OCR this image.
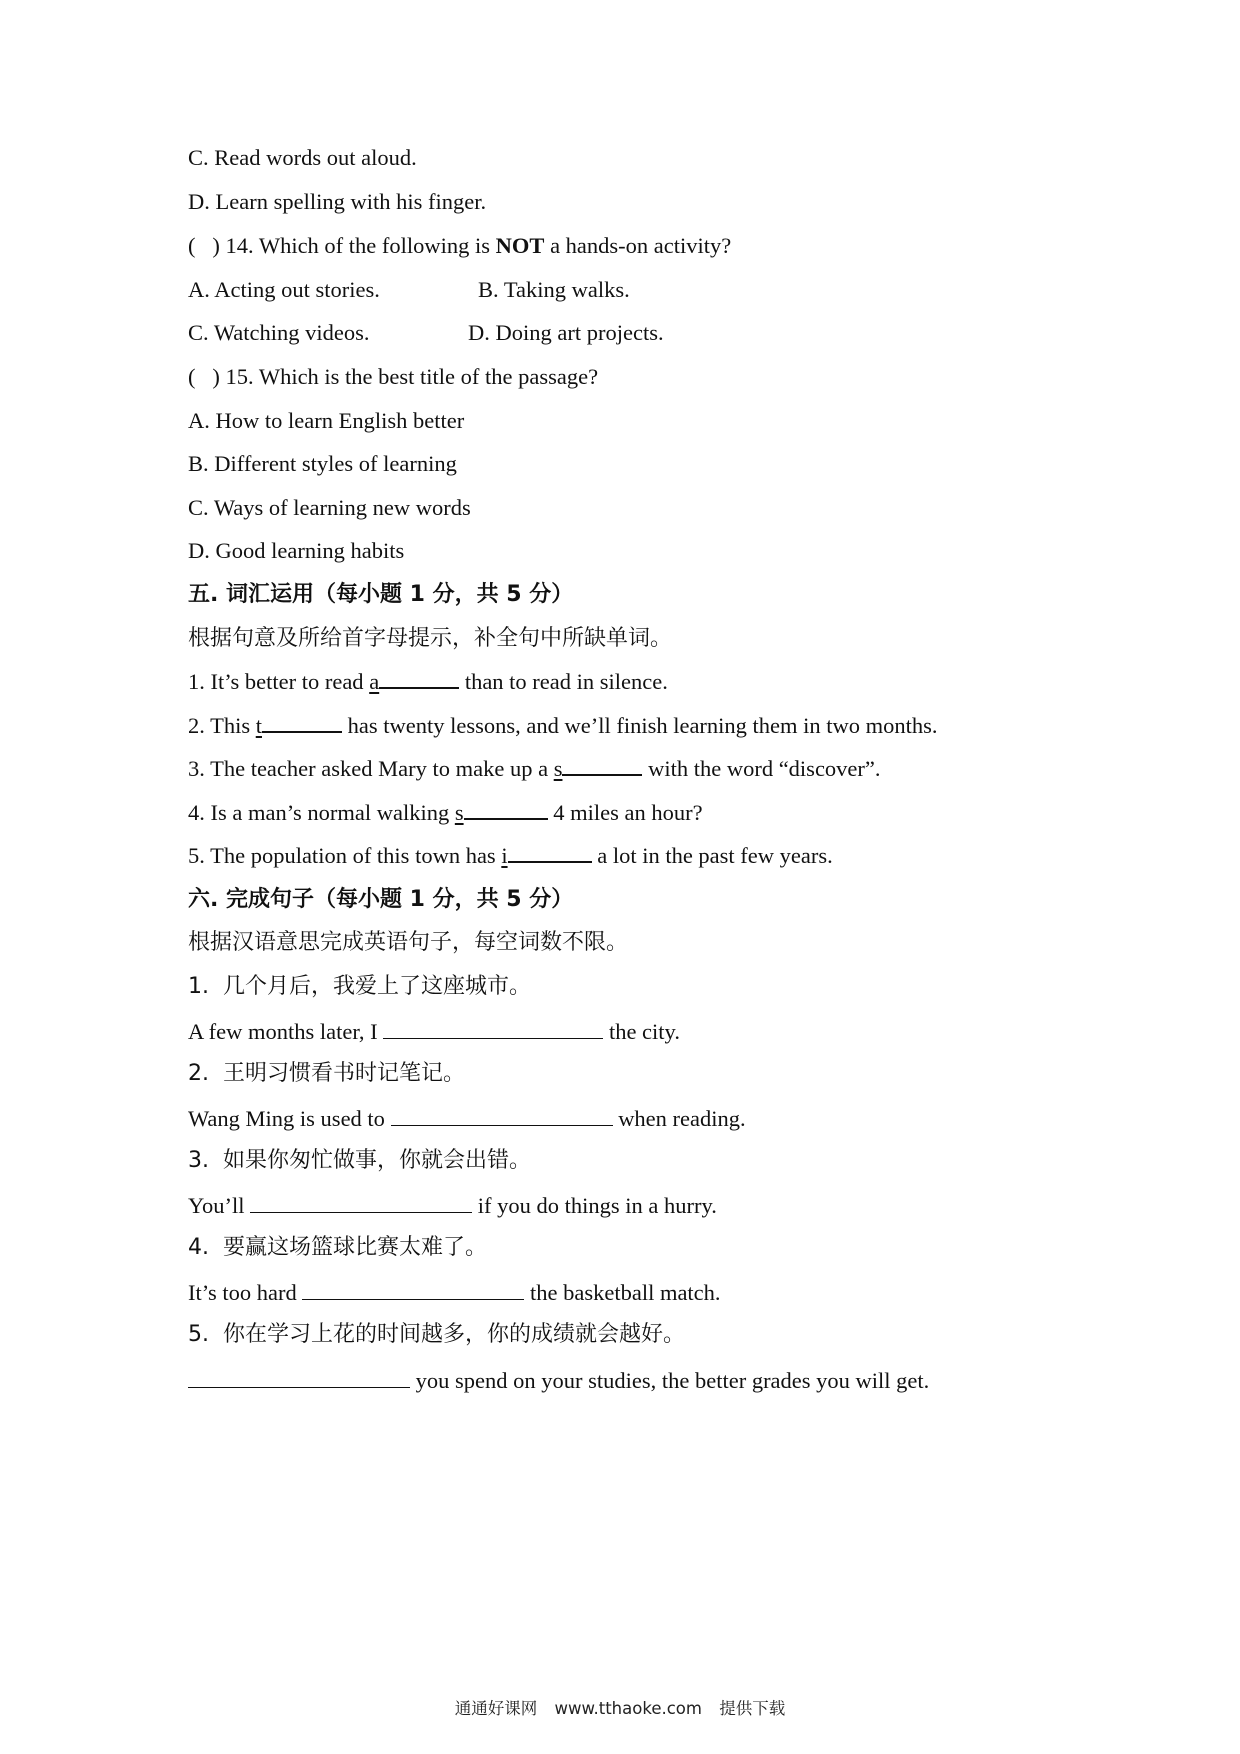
C. Read words out aloud.

D. Learn spelling with his finger.

(   ) 14. Which of the following is NOT a hands-on activity?

A. Acting out stories.	B. Taking walks.

C. Watching videos.	D. Doing art projects.

(   ) 15. Which is the best title of the passage?

A. How to learn English better

B. Different styles of learning

C. Ways of learning new words

D. Good learning habits

五. 词汇运用（每小题 1 分，共 5 分）

根据句意及所给首字母提示，补全句中所缺单词。

1. It’s better to read a	than to read in silence.

2. This t	has twenty lessons, and we’ll finish learning them in two months.

3. The teacher asked Mary to make up a s	with the word “discover”.

4. Is a man’s normal walking s	4 miles an hour?

5. The population of this town has i	a lot in the past few years.

六. 完成句子（每小题 1 分，共 5 分）

根据汉语意思完成英语句子，每空词数不限。

1.  几个月后，我爱上了这座城市。

A few months later, I	the city.

2.  王明习惯看书时记笔记。

Wang Ming is used to	when reading.

3.  如果你匆忙做事，你就会出错。

You’ll	if you do things in a hurry.

4.  要赢这场篮球比赛太难了。

It’s too hard	the basketball match.

5.  你在学习上花的时间越多，你的成绩就会越好。

you spend on your studies, the better grades you will get.

通通好课网 www.tthaoke.com 提供下载
